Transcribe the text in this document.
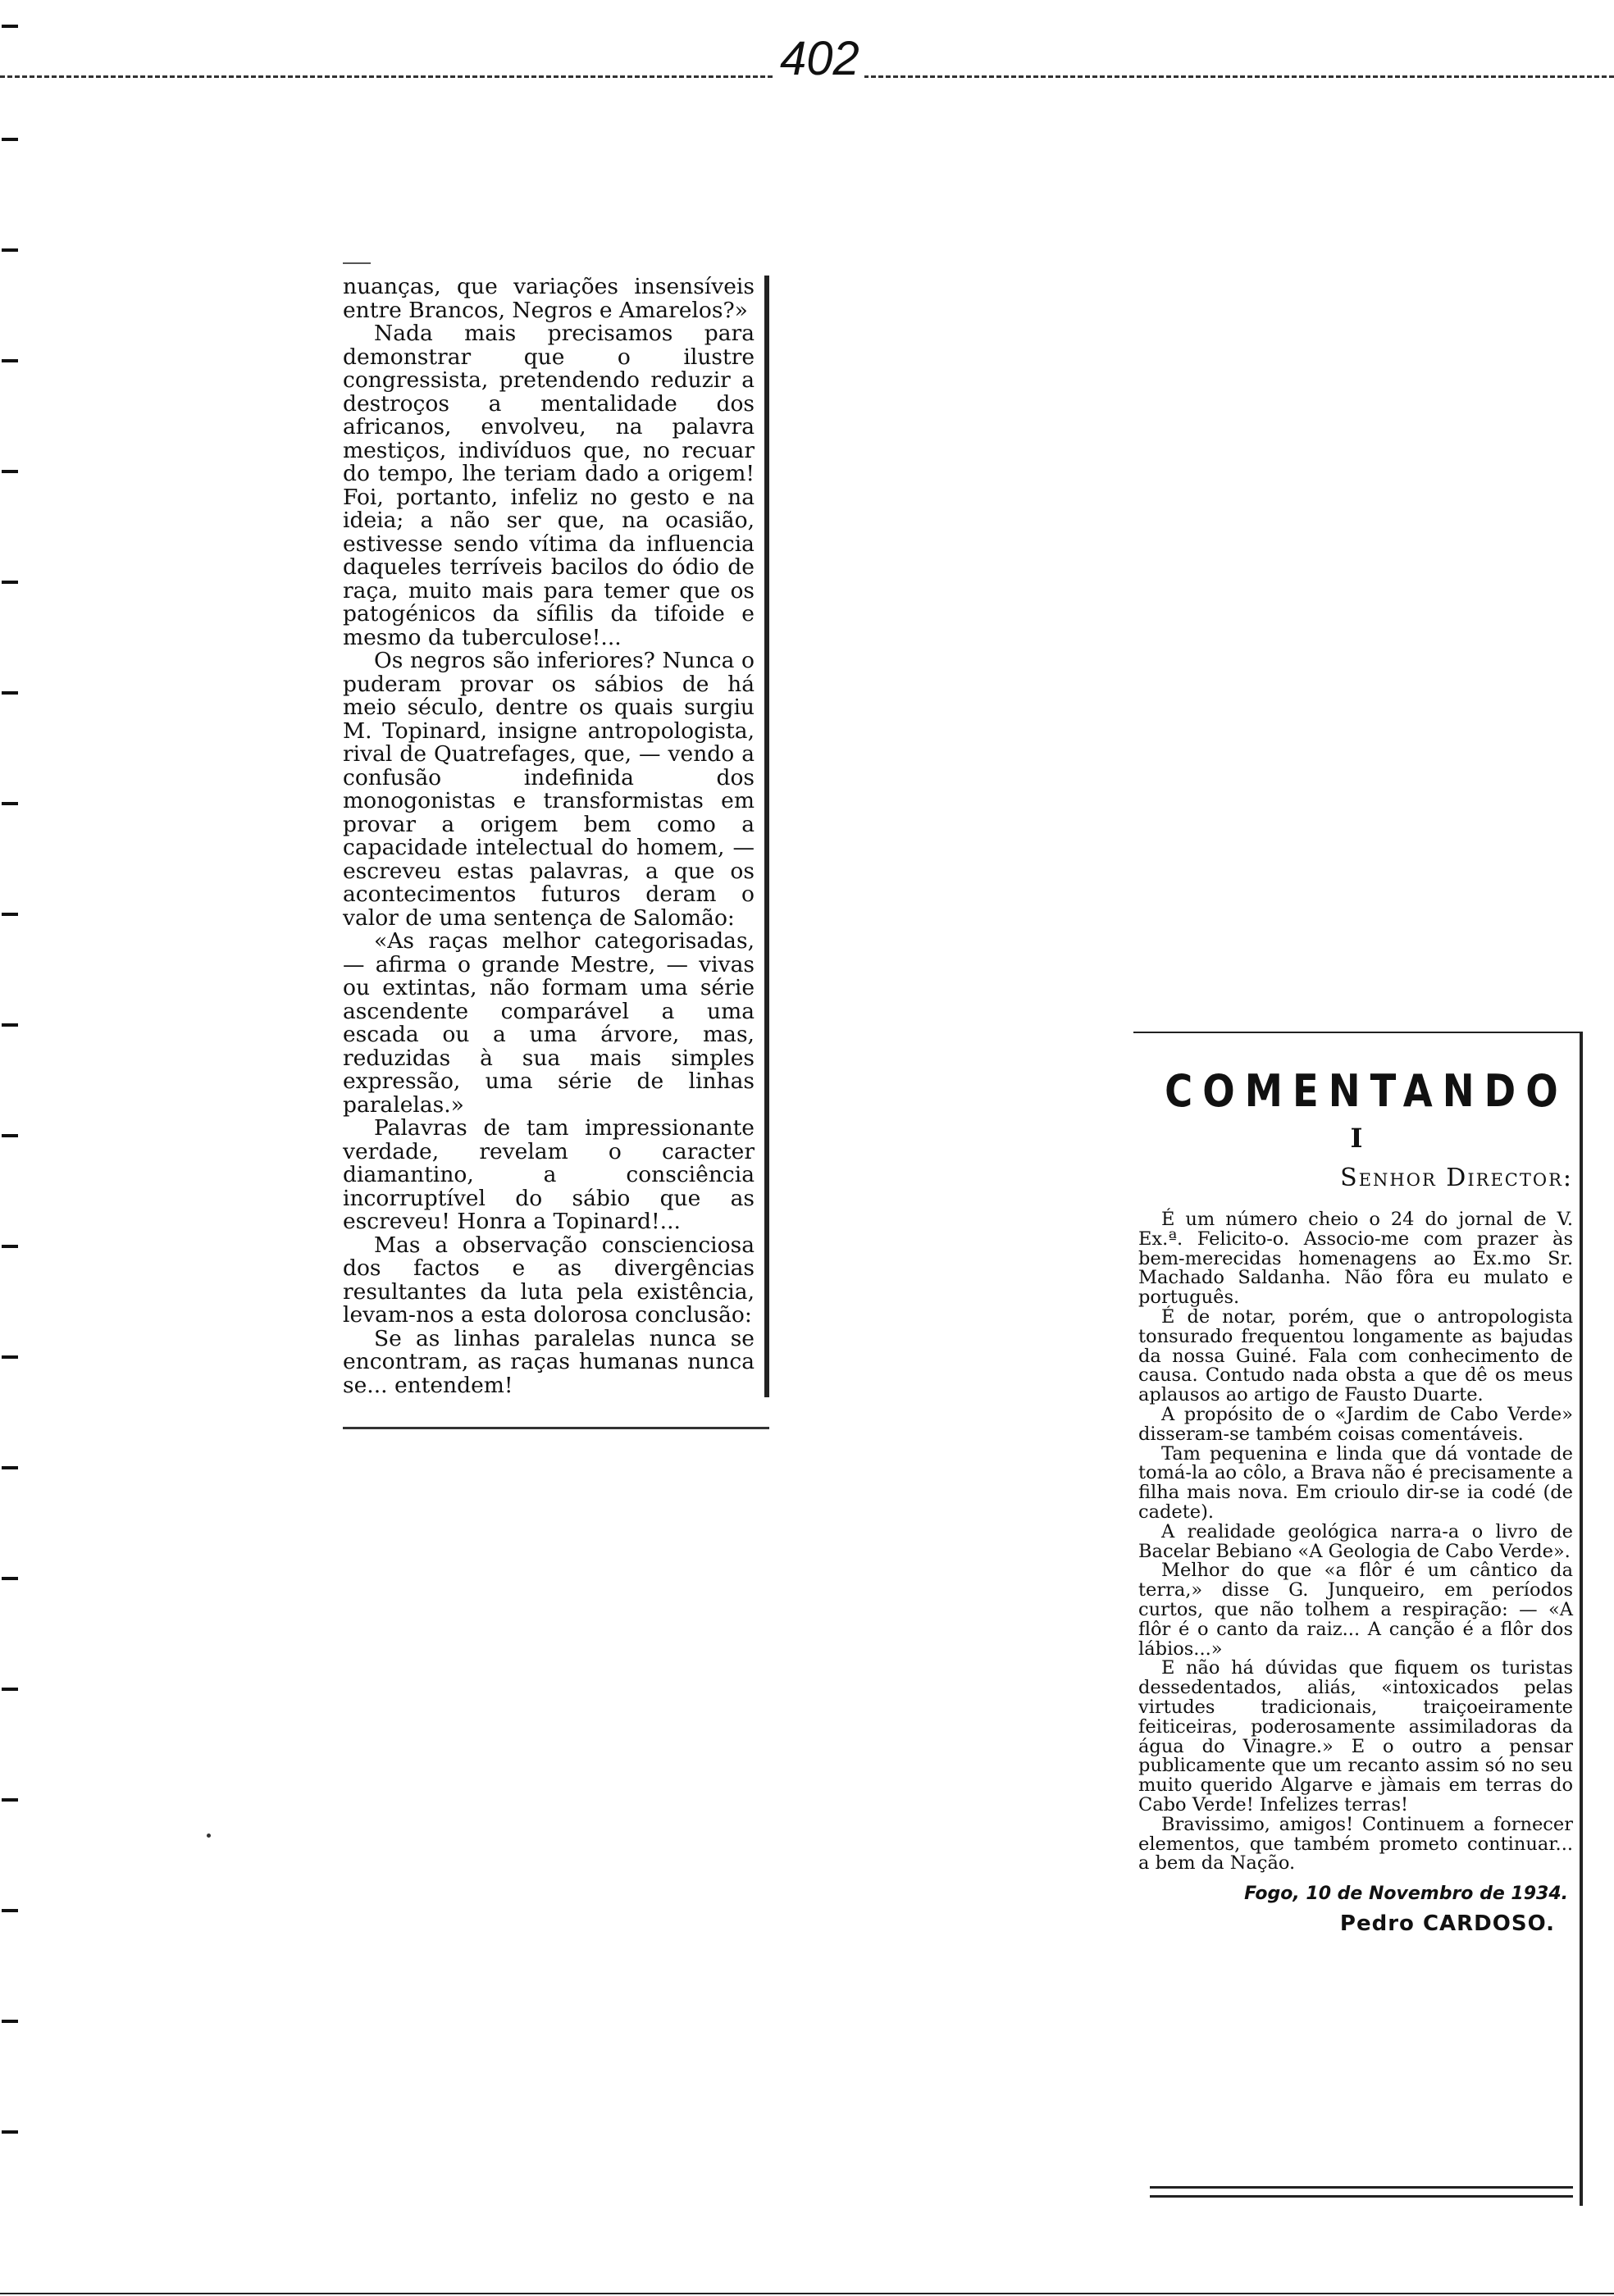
402

nuanças, que variações insensíveis entre Brancos, Negros e Amarelos?»

Nada mais precisamos para demonstrar que o ilustre congressista, pretendendo reduzir a destroços a mentalidade dos africanos, envolveu, na palavra mestiços, indivíduos que, no recuar do tempo, lhe teriam dado a origem! Foi, portanto, infeliz no gesto e na ideia; a não ser que, na ocasião, estivesse sendo vítima da influencia daqueles terríveis bacilos do ódio de raça, muito mais para temer que os patogénicos da sífilis da tifoide e mesmo da tuberculose!...

Os negros são inferiores? Nunca o puderam provar os sábios de há meio século, dentre os quais surgiu M. Topinard, insigne antropologista, rival de Quatrefages, que, — vendo a confusão indefinida dos monogonistas e transformistas em provar a origem bem como a capacidade intelectual do homem, — escreveu estas palavras, a que os acontecimentos futuros deram o valor de uma sentença de Salomão:

«As raças melhor categorisadas, — afirma o grande Mestre, — vivas ou extintas, não formam uma série ascendente comparável a uma escada ou a uma árvore, mas, reduzidas à sua mais simples expressão, uma série de linhas paralelas.»

Palavras de tam impressionante verdade, revelam o caracter diamantino, a consciência incorruptível do sábio que as escreveu! Honra a Topinard!...

Mas a observação conscienciosa dos factos e as divergências resultantes da luta pela existência, levam-nos a esta dolorosa conclusão:

Se as linhas paralelas nunca se encontram, as raças humanas nunca se... entendem!

COMENTANDO
I
Senhor Director:

É um número cheio o 24 do jornal de V. Ex.ª. Felicito-o. Associo-me com prazer às bem-merecidas homenagens ao Ex.mo Sr. Machado Saldanha. Não fôra eu mulato e português.

É de notar, porém, que o antropologista tonsurado frequentou longamente as bajudas da nossa Guiné. Fala com conhecimento de causa. Contudo nada obsta a que dê os meus aplausos ao artigo de Fausto Duarte.

A propósito de o «Jardim de Cabo Verde» disseram-se também coisas comentáveis.

Tam pequenina e linda que dá vontade de tomá-la ao côlo, a Brava não é precisamente a filha mais nova. Em crioulo dir-se ia codé (de cadete).

A realidade geológica narra-a o livro de Bacelar Bebiano «A Geologia de Cabo Verde».

Melhor do que «a flôr é um cântico da terra,» disse G. Junqueiro, em períodos curtos, que não tolhem a respiração: — «A flôr é o canto da raiz... A canção é a flôr dos lábios...»

E não há dúvidas que fiquem os turistas dessedentados, aliás, «intoxicados pelas virtudes tradicionais, traiçoeiramente feiticeiras, poderosamente assimiladoras da água do Vinagre.» E o outro a pensar publicamente que um recanto assim só no seu muito querido Algarve e jàmais em terras do Cabo Verde! Infelizes terras!

Bravissimo, amigos! Continuem a fornecer elementos, que também prometo continuar... a bem da Nação.

Fogo, 10 de Novembro de 1934.
Pedro CARDOSO.
